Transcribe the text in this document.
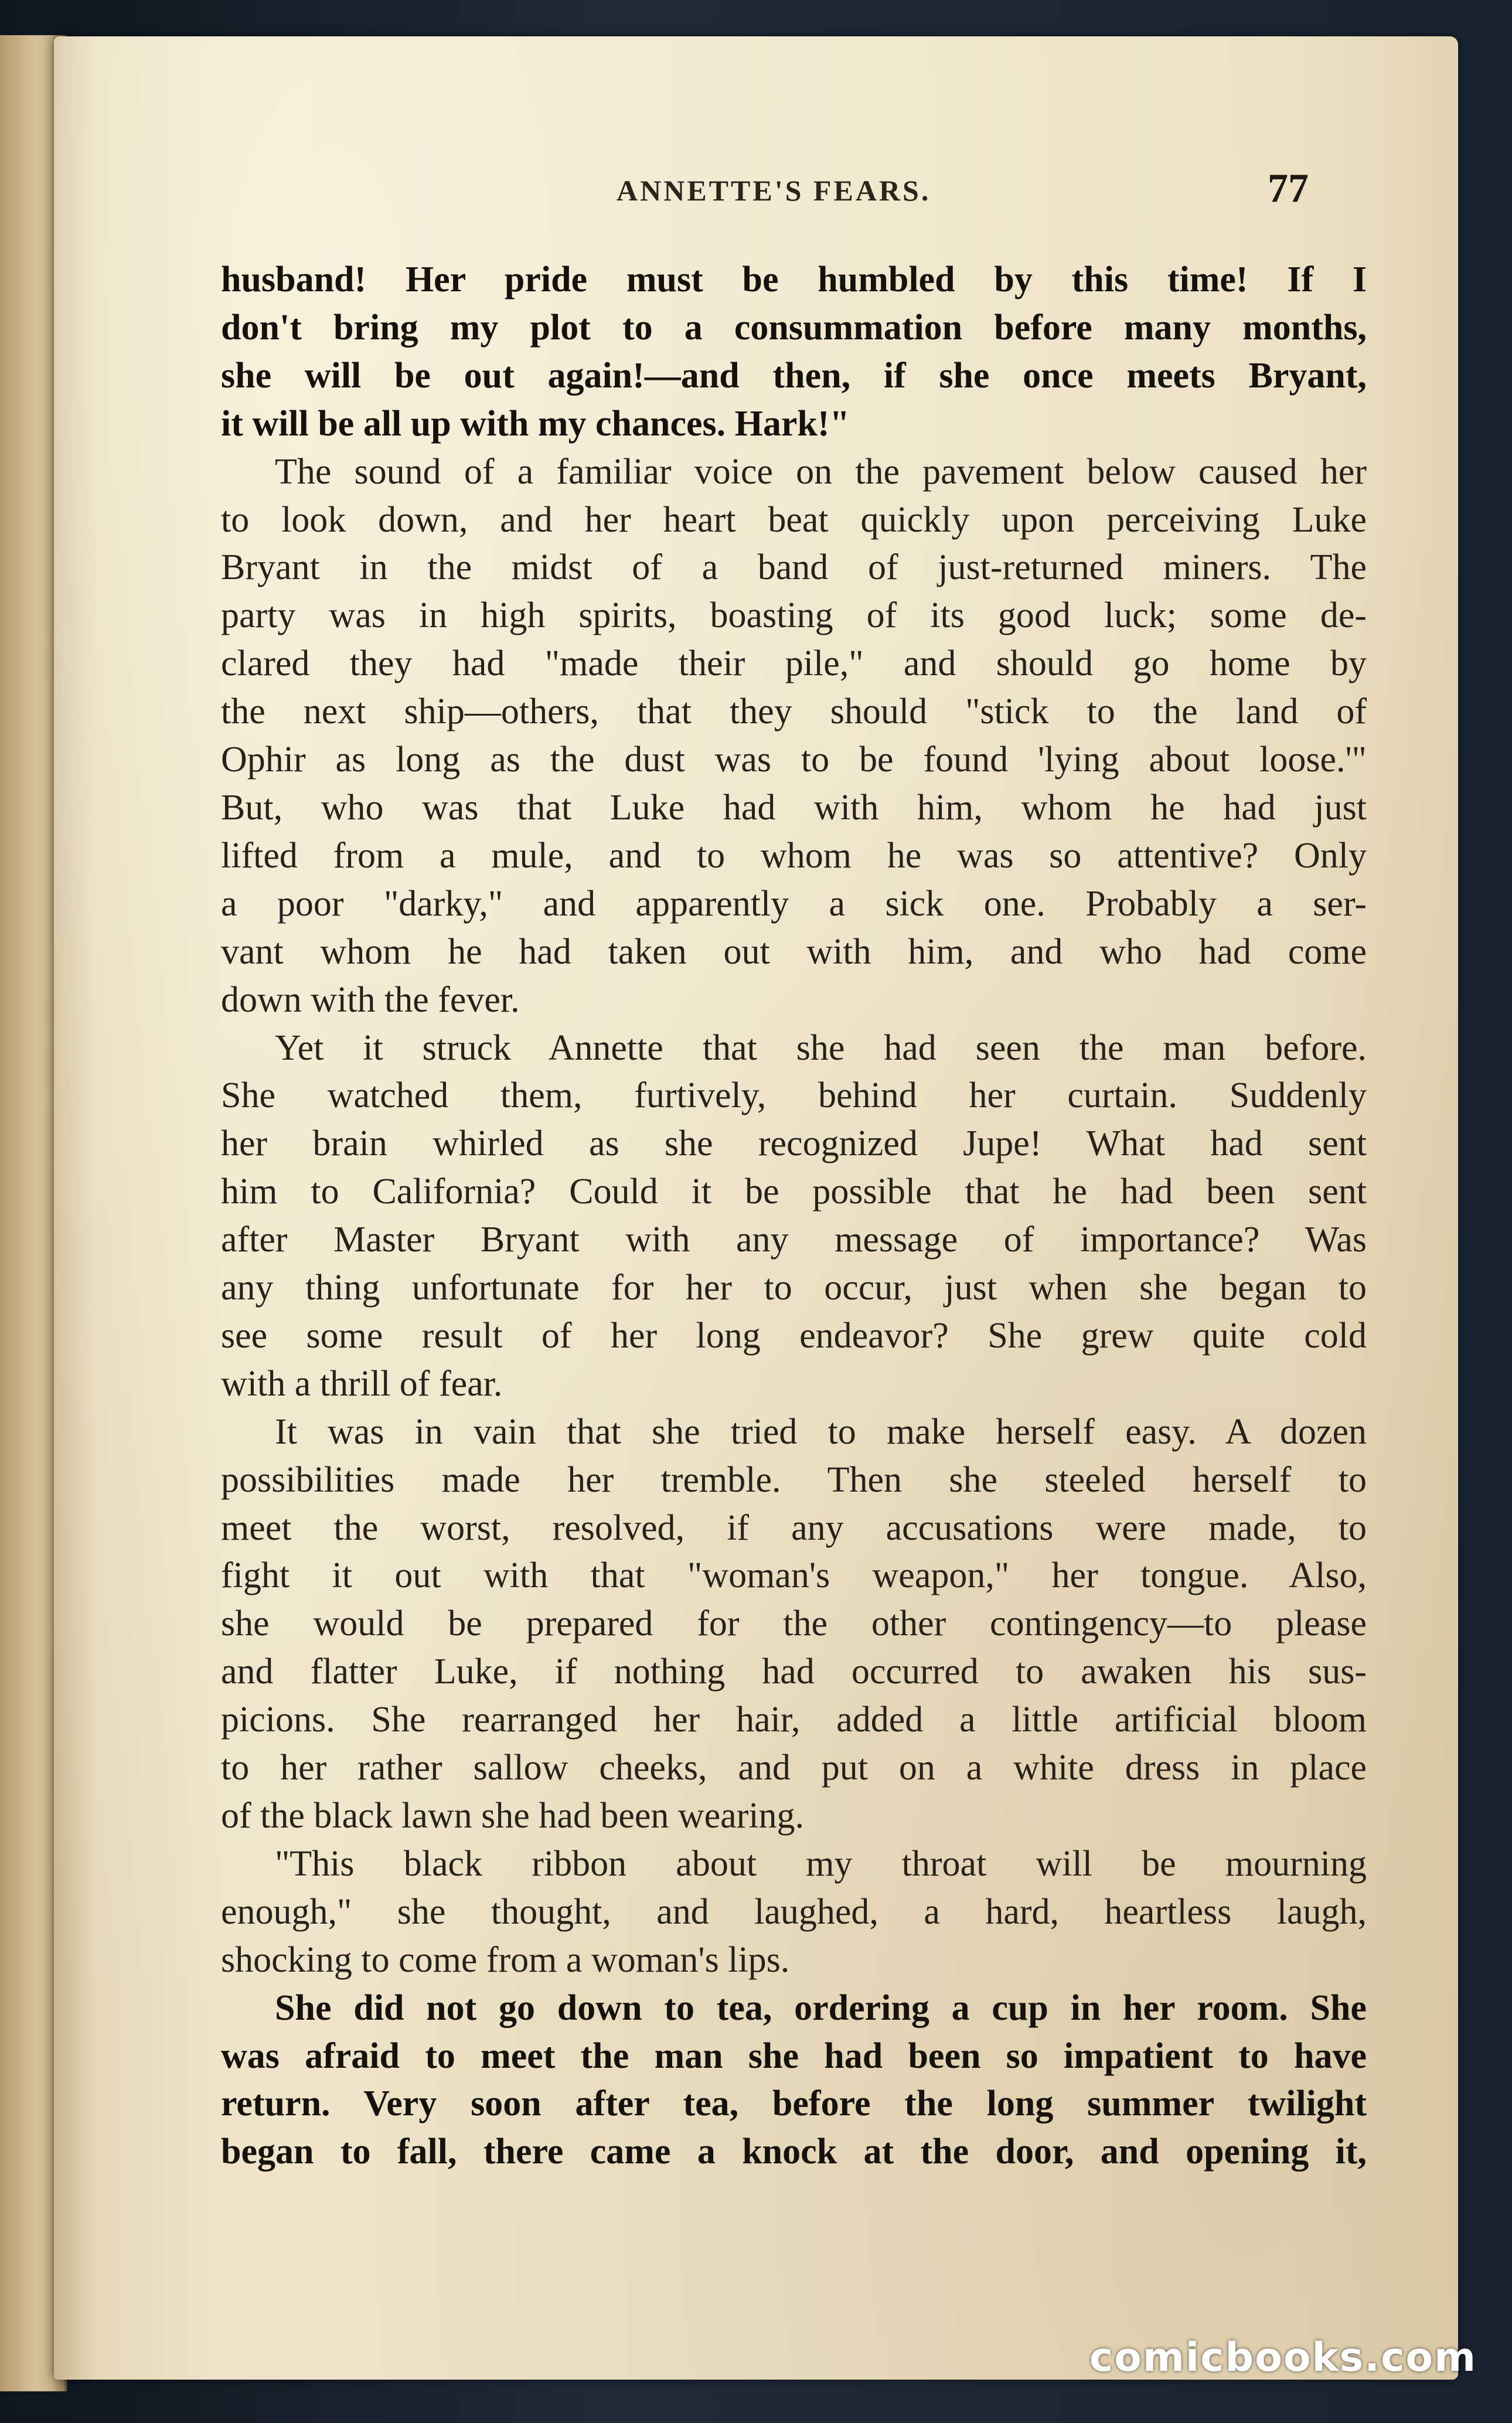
ANNETTE'S FEARS.	77
husband! Her pride must be humbled by this time! If I
don't bring my plot to a consummation before many months,
she will be out again!—and then, if she once meets Bryant,
it will be all up with my chances. Hark!"
The sound of a familiar voice on the pavement below caused her
to look down, and her heart beat quickly upon perceiving Luke
Bryant in the midst of a band of just-returned miners. The
party was in high spirits, boasting of its good luck; some de-
clared they had "made their pile," and should go home by
the next ship—others, that they should "stick to the land of
Ophir as long as the dust was to be found 'lying about loose.'"
But, who was that Luke had with him, whom he had just
lifted from a mule, and to whom he was so attentive? Only
a poor "darky," and apparently a sick one. Probably a ser-
vant whom he had taken out with him, and who had come
down with the fever.
Yet it struck Annette that she had seen the man before.
She watched them, furtively, behind her curtain. Suddenly
her brain whirled as she recognized Jupe! What had sent
him to California? Could it be possible that he had been sent
after Master Bryant with any message of importance? Was
any thing unfortunate for her to occur, just when she began to
see some result of her long endeavor? She grew quite cold
with a thrill of fear.
It was in vain that she tried to make herself easy. A dozen
possibilities made her tremble. Then she steeled herself to
meet the worst, resolved, if any accusations were made, to
fight it out with that "woman's weapon," her tongue. Also,
she would be prepared for the other contingency—to please
and flatter Luke, if nothing had occurred to awaken his sus-
picions. She rearranged her hair, added a little artificial bloom
to her rather sallow cheeks, and put on a white dress in place
of the black lawn she had been wearing.
"This black ribbon about my throat will be mourning
enough," she thought, and laughed, a hard, heartless laugh,
shocking to come from a woman's lips.
She did not go down to tea, ordering a cup in her room. She
was afraid to meet the man she had been so impatient to have
return. Very soon after tea, before the long summer twilight
began to fall, there came a knock at the door, and opening it,
comicbooks.com
